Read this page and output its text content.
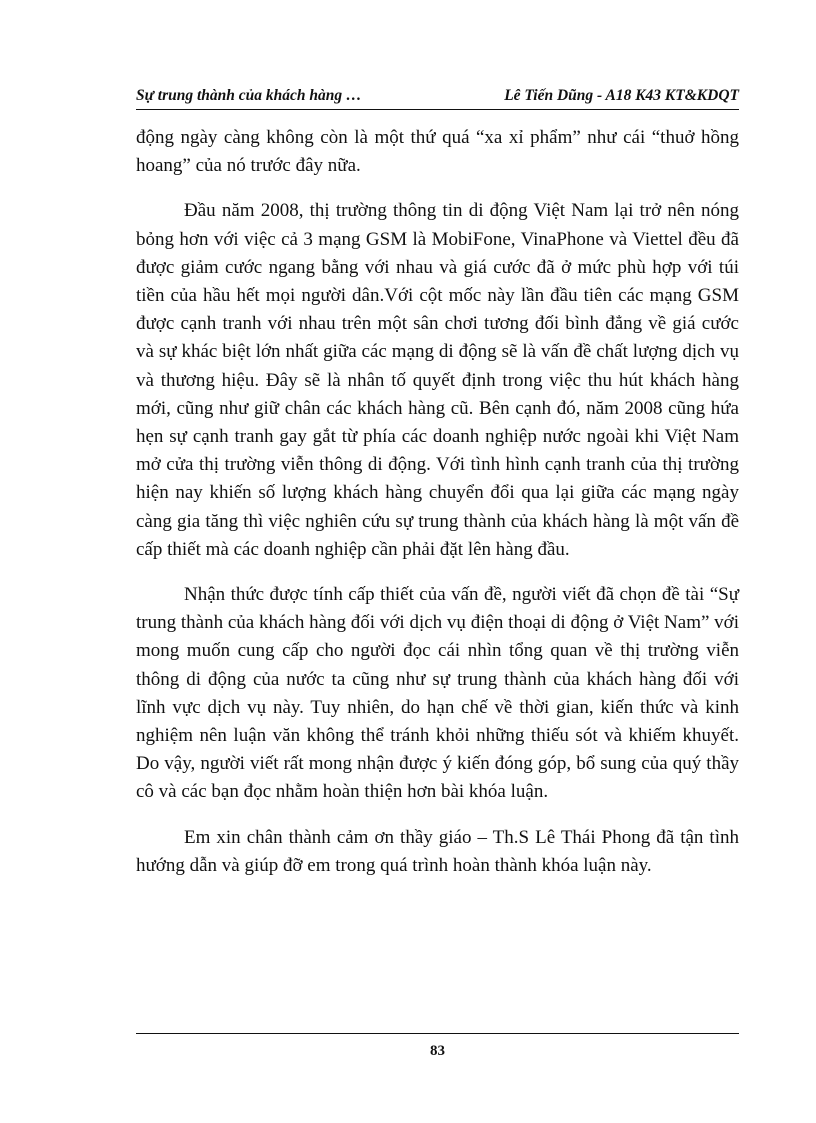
Sự trung thành của khách hàng …	Lê Tiến Dũng - A18 K43 KT&KDQT

động ngày càng không còn là một thứ quá “xa xỉ phẩm” như cái “thuở hồng hoang” của nó trước đây nữa.

Đầu năm 2008, thị trường thông tin di động Việt Nam lại trở nên nóng bỏng hơn với việc cả 3 mạng GSM là MobiFone, VinaPhone và Viettel đều đã được giảm cước ngang bằng với nhau và giá cước đã ở mức phù hợp với túi tiền của hầu hết mọi người dân.Với cột mốc này lần đầu tiên các mạng GSM được cạnh tranh với nhau trên một sân chơi tương đối bình đẳng về giá cước và sự khác biệt lớn nhất giữa các mạng di động sẽ là vấn đề chất lượng dịch vụ và thương hiệu. Đây sẽ là nhân tố quyết định trong việc thu hút khách hàng mới, cũng như giữ chân các khách hàng cũ. Bên cạnh đó, năm 2008 cũng hứa hẹn sự cạnh tranh gay gắt từ phía các doanh nghiệp nước ngoài khi Việt Nam mở cửa thị trường viễn thông di động. Với tình hình cạnh tranh của thị trường hiện nay khiến số lượng khách hàng chuyển đổi qua lại giữa các mạng ngày càng gia tăng thì việc nghiên cứu sự trung thành của khách hàng là một vấn đề cấp thiết mà các doanh nghiệp cần phải đặt lên hàng đầu.

Nhận thức được tính cấp thiết của vấn đề, người viết đã chọn đề tài “Sự trung thành của khách hàng đối với dịch vụ điện thoại di động ở Việt Nam” với mong muốn cung cấp cho người đọc cái nhìn tổng quan về thị trường viễn thông di động của nước ta cũng như sự trung thành của khách hàng đối với lĩnh vực dịch vụ này. Tuy nhiên, do hạn chế về thời gian, kiến thức và kinh nghiệm nên luận văn không thể tránh khỏi những thiếu sót và khiếm khuyết. Do vậy, người viết rất mong nhận được ý kiến đóng góp, bổ sung của quý thầy cô và các bạn đọc nhằm hoàn thiện hơn bài khóa luận.

Em xin chân thành cảm ơn thầy giáo – Th.S Lê Thái Phong đã tận tình hướng dẫn và giúp đỡ em trong quá trình hoàn thành khóa luận này.

83
